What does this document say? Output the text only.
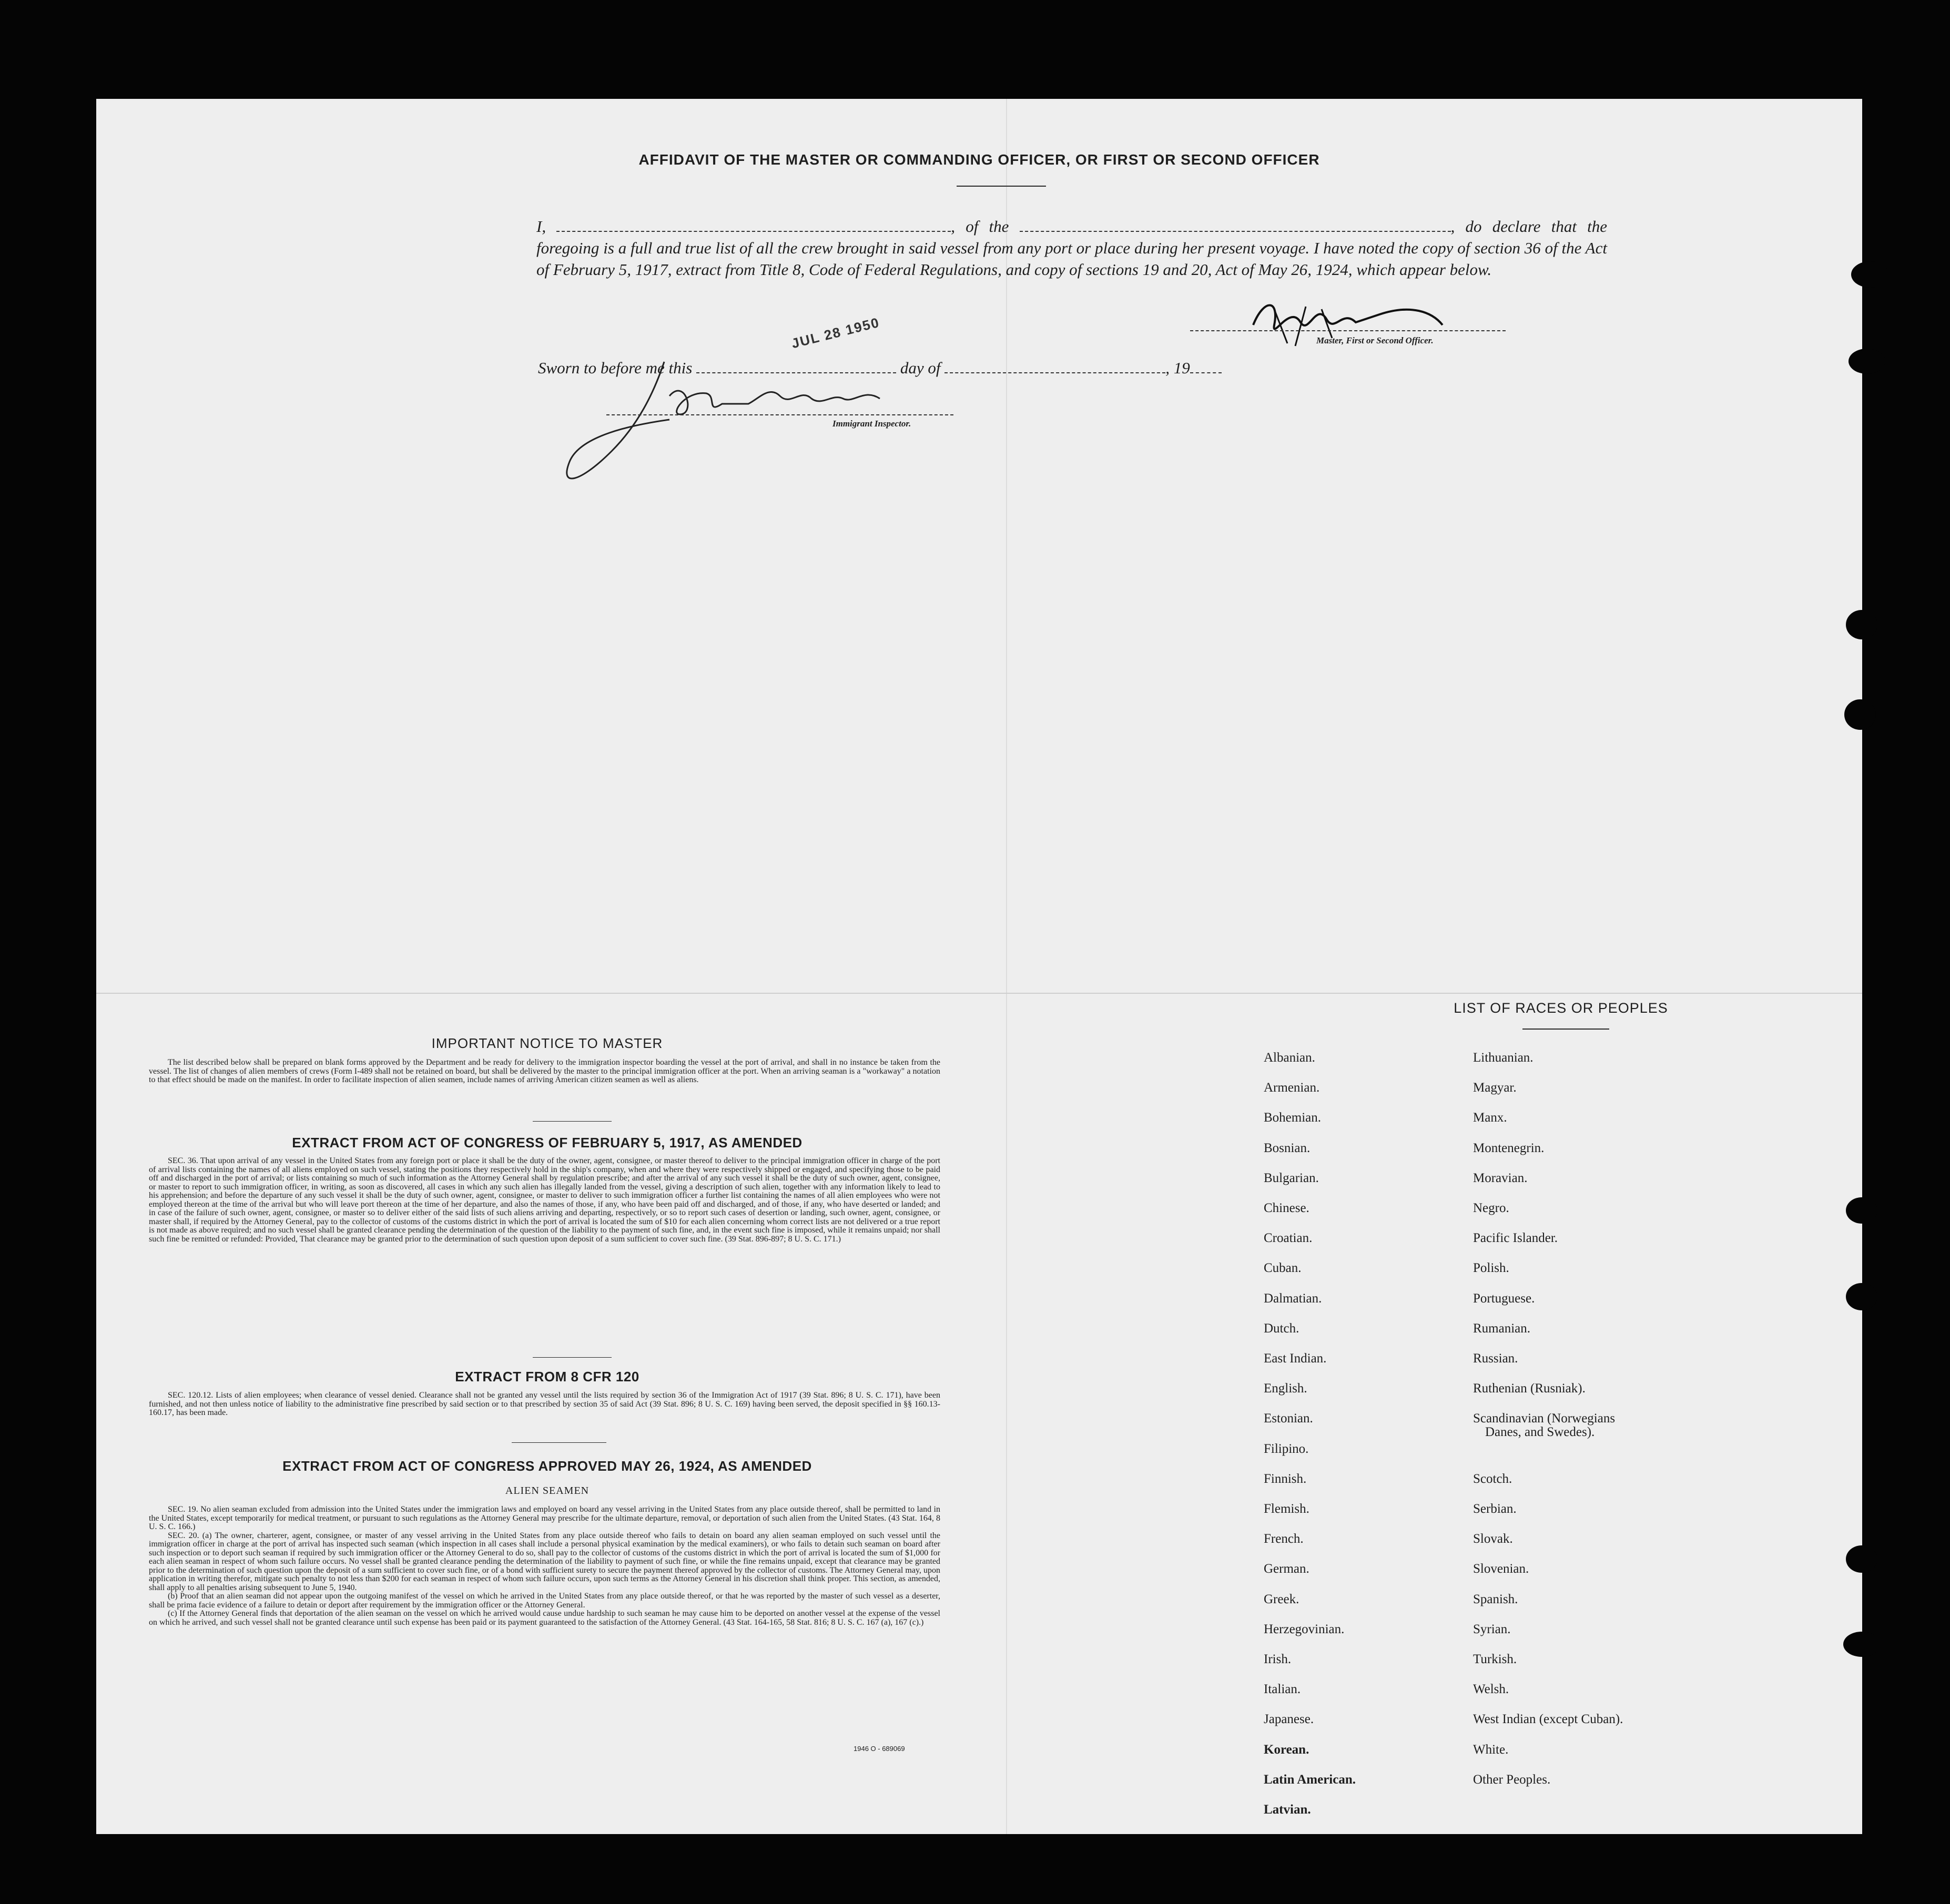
AFFIDAVIT OF THE MASTER OR COMMANDING OFFICER, OR FIRST OR SECOND OFFICER
I,	, of the	, do declare that the foregoing is a full and true list of all the crew brought in said vessel from any port or place during her present voyage. I have noted the copy of section 36 of the Act of February 5, 1917, extract from Title 8, Code of Federal Regulations, and copy of sections 19 and 20, Act of May 26, 1924, which appear below.
Master, First or Second Officer.
JUL 28 1950
Sworn to before me this	day of	, 19
Immigrant Inspector.
IMPORTANT NOTICE TO MASTER

The list described below shall be prepared on blank forms approved by the Department and be ready for delivery to the immigration inspector boarding the vessel at the port of arrival, and shall in no instance be taken from the vessel. The list of changes of alien members of crews (Form I-489 shall not be retained on board, but shall be delivered by the master to the principal immigration officer at the port. When an arriving seaman is a "workaway" a notation to that effect should be made on the manifest. In order to facilitate inspection of alien seamen, include names of arriving American citizen seamen as well as aliens.

EXTRACT FROM ACT OF CONGRESS OF FEBRUARY 5, 1917, AS AMENDED

SEC. 36. That upon arrival of any vessel in the United States from any foreign port or place it shall be the duty of the owner, agent, consignee, or master thereof to deliver to the principal immigration officer in charge of the port of arrival lists containing the names of all aliens employed on such vessel, stating the positions they respectively hold in the ship's company, when and where they were respectively shipped or engaged, and specifying those to be paid off and discharged in the port of arrival; or lists containing so much of such information as the Attorney General shall by regulation prescribe; and after the arrival of any such vessel it shall be the duty of such owner, agent, consignee, or master to report to such immigration officer, in writing, as soon as discovered, all cases in which any such alien has illegally landed from the vessel, giving a description of such alien, together with any information likely to lead to his apprehension; and before the departure of any such vessel it shall be the duty of such owner, agent, consignee, or master to deliver to such immigration officer a further list containing the names of all alien employees who were not employed thereon at the time of the arrival but who will leave port thereon at the time of her departure, and also the names of those, if any, who have been paid off and discharged, and of those, if any, who have deserted or landed; and in case of the failure of such owner, agent, consignee, or master so to deliver either of the said lists of such aliens arriving and departing, respectively, or so to report such cases of desertion or landing, such owner, agent, consignee, or master shall, if required by the Attorney General, pay to the collector of customs of the customs district in which the port of arrival is located the sum of $10 for each alien concerning whom correct lists are not delivered or a true report is not made as above required; and no such vessel shall be granted clearance pending the determination of the question of the liability to the payment of such fine, and, in the event such fine is imposed, while it remains unpaid; nor shall such fine be remitted or refunded: Provided, That clearance may be granted prior to the determination of such question upon deposit of a sum sufficient to cover such fine. (39 Stat. 896-897; 8 U. S. C. 171.)

EXTRACT FROM 8 CFR 120

SEC. 120.12. Lists of alien employees; when clearance of vessel denied. Clearance shall not be granted any vessel until the lists required by section 36 of the Immigration Act of 1917 (39 Stat. 896; 8 U. S. C. 171), have been furnished, and not then unless notice of liability to the administrative fine prescribed by said section or to that prescribed by section 35 of said Act (39 Stat. 896; 8 U. S. C. 169) having been served, the deposit specified in §§ 160.13-160.17, has been made.

EXTRACT FROM ACT OF CONGRESS APPROVED MAY 26, 1924, AS AMENDED
ALIEN SEAMEN

SEC. 19. No alien seaman excluded from admission into the United States under the immigration laws and employed on board any vessel arriving in the United States from any place outside thereof, shall be permitted to land in the United States, except temporarily for medical treatment, or pursuant to such regulations as the Attorney General may prescribe for the ultimate departure, removal, or deportation of such alien from the United States. (43 Stat. 164, 8 U. S. C. 166.)

SEC. 20. (a) The owner, charterer, agent, consignee, or master of any vessel arriving in the United States from any place outside thereof who fails to detain on board any alien seaman employed on such vessel until the immigration officer in charge at the port of arrival has inspected such seaman (which inspection in all cases shall include a personal physical examination by the medical examiners), or who fails to detain such seaman on board after such inspection or to deport such seaman if required by such immigration officer or the Attorney General to do so, shall pay to the collector of customs of the customs district in which the port of arrival is located the sum of $1,000 for each alien seaman in respect of whom such failure occurs. No vessel shall be granted clearance pending the determination of the liability to payment of such fine, or while the fine remains unpaid, except that clearance may be granted prior to the determination of such question upon the deposit of a sum sufficient to cover such fine, or of a bond with sufficient surety to secure the payment thereof approved by the collector of customs. The Attorney General may, upon application in writing therefor, mitigate such penalty to not less than $200 for each seaman in respect of whom such failure occurs, upon such terms as the Attorney General in his discretion shall think proper. This section, as amended, shall apply to all penalties arising subsequent to June 5, 1940.

(b) Proof that an alien seaman did not appear upon the outgoing manifest of the vessel on which he arrived in the United States from any place outside thereof, or that he was reported by the master of such vessel as a deserter, shall be prima facie evidence of a failure to detain or deport after requirement by the immigration officer or the Attorney General.

(c) If the Attorney General finds that deportation of the alien seaman on the vessel on which he arrived would cause undue hardship to such seaman he may cause him to be deported on another vessel at the expense of the vessel on which he arrived, and such vessel shall not be granted clearance until such expense has been paid or its payment guaranteed to the satisfaction of the Attorney General. (43 Stat. 164-165, 58 Stat. 816; 8 U. S. C. 167 (a), 167 (c).)

1946 O - 689069
LIST OF RACES OR PEOPLES
Albanian.
Armenian.
Bohemian.
Bosnian.
Bulgarian.
Chinese.
Croatian.
Cuban.
Dalmatian.
Dutch.
East Indian.
English.
Estonian.
Filipino.
Finnish.
Flemish.
French.
German.
Greek.
Herzegovinian.
Irish.
Italian.
Japanese.
Korean.
Latin American.
Latvian.
Lithuanian.
Magyar.
Manx.
Montenegrin.
Moravian.
Negro.
Pacific Islander.
Polish.
Portuguese.
Rumanian.
Russian.
Ruthenian (Rusniak).
Scandinavian (Norwegians
Danes, and Swedes).
Scotch.
Serbian.
Slovak.
Slovenian.
Spanish.
Syrian.
Turkish.
Welsh.
West Indian (except Cuban).
White.
Other Peoples.
